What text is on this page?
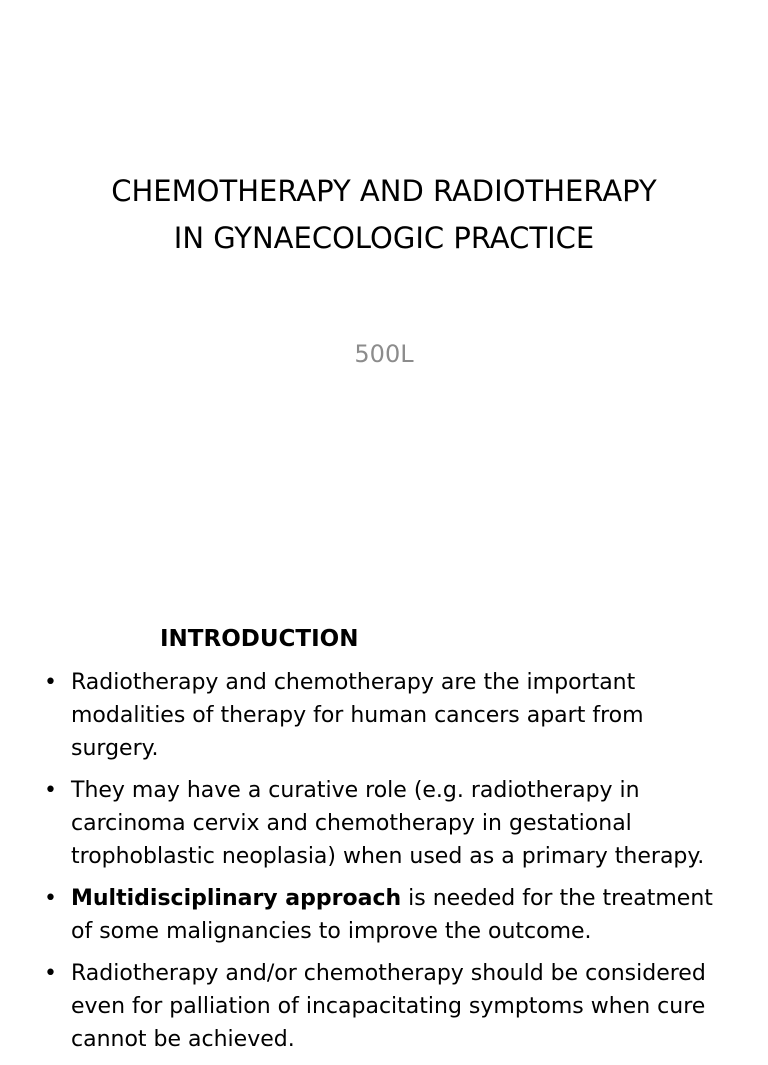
CHEMOTHERAPY AND RADIOTHERAPY
IN GYNAECOLOGIC PRACTICE

500L

INTRODUCTION
• Radiotherapy and chemotherapy are the important modalities of therapy for human cancers apart from surgery.
• They may have a curative role (e.g. radiotherapy in carcinoma cervix and chemotherapy in gestational trophoblastic neoplasia) when used as a primary therapy.
• Multidisciplinary approach is needed for the treatment of some malignancies to improve the outcome.
• Radiotherapy and/or chemotherapy should be considered even for palliation of incapacitating symptoms when cure cannot be achieved.
